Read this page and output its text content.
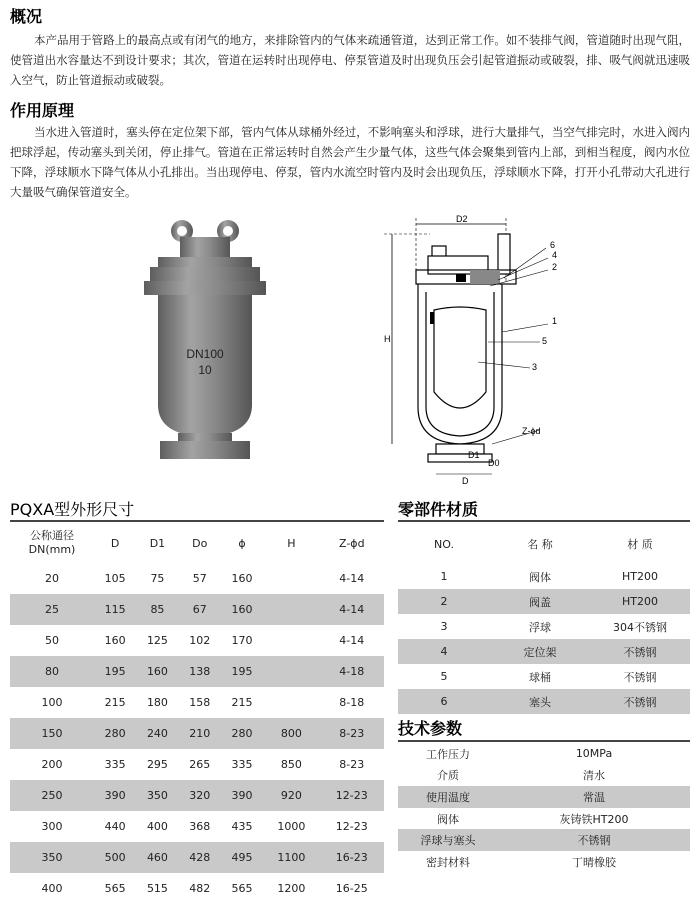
概况
本产品用于管路上的最高点或有闭气的地方，来排除管内的气体来疏通管道，达到正常工作。如不装排气阀，管道随时出现气阻，使管道出水容量达不到设计要求；其次，管道在运转时出现停电、停泵管道及时出现负压会引起管道振动或破裂，排、吸气阀就迅速吸入空气，防止管道振动或破裂。
作用原理
当水进入管道时，塞头停在定位架下部，管内气体从球桶外经过，不影响塞头和浮球，进行大量排气，当空气排完时，水进入阀内把球浮起，传动塞头到关闭，停止排气。管道在正常运转时自然会产生少量气体，这些气体会聚集到管内上部，到相当程度，阀内水位下降，浮球顺水下降气体从小孔排出。当出现停电、停泵，管内水流空时管内及时会出现负压，浮球顺水下降，打开小孔带动大孔进行大量吸气确保管道安全。
DN100
10
D2
H
6
4
2
1
5
3
Z-ϕd
D1
D0
D
PQXA型外形尺寸
公称通径
DN(mm)	D	D1	Do	ϕ	H	Z-ϕd
20	105	75	57	160		4-14
25	115	85	67	160		4-14
50	160	125	102	170		4-14
80	195	160	138	195		4-18
100	215	180	158	215		8-18
150	280	240	210	280	800	8-23
200	335	295	265	335	850	8-23
250	390	350	320	390	920	12-23
300	440	400	368	435	1000	12-23
350	500	460	428	495	1100	16-23
400	565	515	482	565	1200	16-25
零部件材质
NO.	名 称	材 质
1	阀体	HT200
2	阀盖	HT200
3	浮球	304不锈钢
4	定位架	不锈钢
5	球桶	不锈钢
6	塞头	不锈钢
技术参数
工作压力	10MPa
介质	清水
使用温度	常温
阀体	灰铸铁HT200
浮球与塞头	不锈钢
密封材料	丁晴橡胶
